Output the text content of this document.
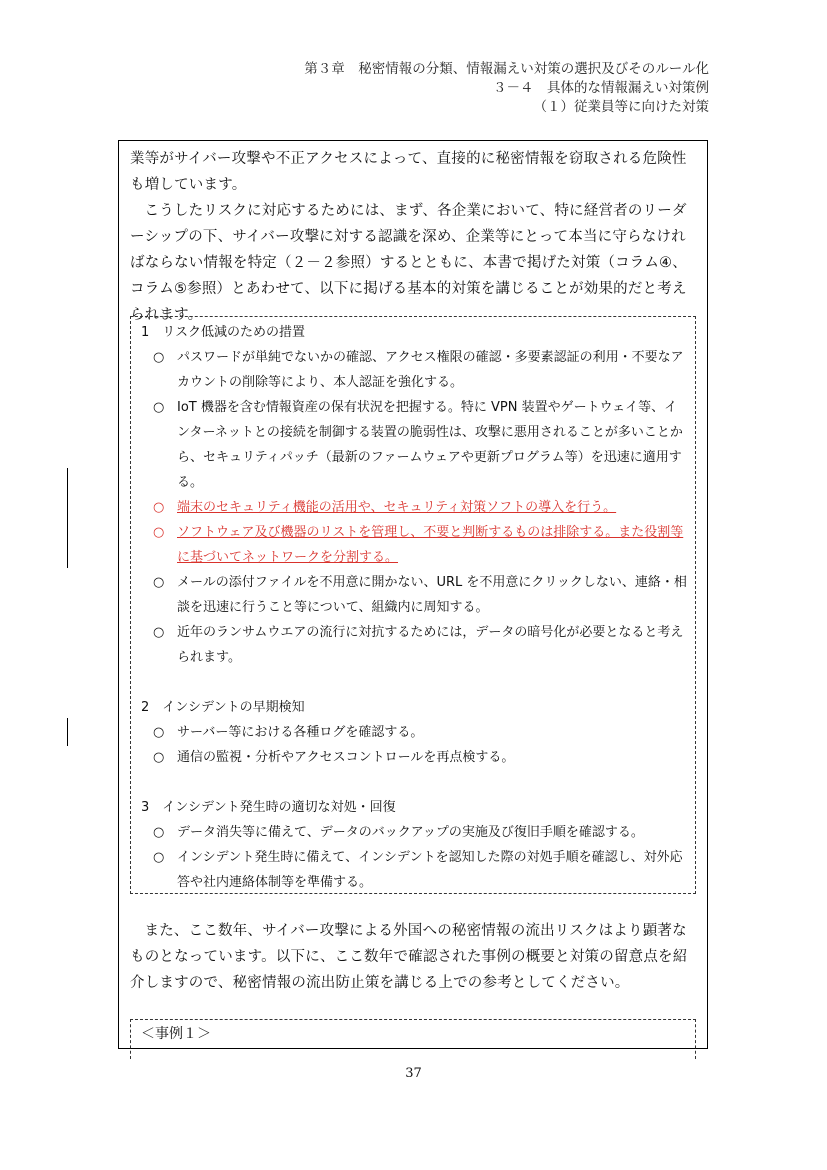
第３章　秘密情報の分類、情報漏えい対策の選択及びそのルール化
３－４　具体的な情報漏えい対策例
（１）従業員等に向けた対策

業等がサイバー攻撃や不正アクセスによって、直接的に秘密情報を窃取される危険性も増しています。

こうしたリスクに対応するためには、まず、各企業において、特に経営者のリーダーシップの下、サイバー攻撃に対する認識を深め、企業等にとって本当に守らなければならない情報を特定（２－２参照）するとともに、本書で掲げた対策（コラム④、コラム⑤参照）とあわせて、以下に掲げる基本的対策を講じることが効果的だと考えられます。

1　リスク低減のための措置

○ パスワードが単純でないかの確認、アクセス権限の確認・多要素認証の利用・不要なアカウントの削除等により、本人認証を強化する。

○ IoT 機器を含む情報資産の保有状況を把握する。特に VPN 装置やゲートウェイ等、インターネットとの接続を制御する装置の脆弱性は、攻撃に悪用されることが多いことから、セキュリティパッチ（最新のファームウェアや更新プログラム等）を迅速に適用する。

○ 端末のセキュリティ機能の活用や、セキュリティ対策ソフトの導入を行う。

○ ソフトウェア及び機器のリストを管理し、不要と判断するものは排除する。また役割等に基づいてネットワークを分割する。

○ メールの添付ファイルを不用意に開かない、URL を不用意にクリックしない、連絡・相談を迅速に行うこと等について、組織内に周知する。

○ 近年のランサムウエアの流行に対抗するためには，データの暗号化が必要となると考えられます。

2　インシデントの早期検知

○ サーバー等における各種ログを確認する。

○ 通信の監視・分析やアクセスコントロールを再点検する。

3　インシデント発生時の適切な対処・回復

○ データ消失等に備えて、データのバックアップの実施及び復旧手順を確認する。

○ インシデント発生時に備えて、インシデントを認知した際の対処手順を確認し、対外応答や社内連絡体制等を準備する。

また、ここ数年、サイバー攻撃による外国への秘密情報の流出リスクはより顕著なものとなっています。以下に、ここ数年で確認された事例の概要と対策の留意点を紹介しますので、秘密情報の流出防止策を講じる上での参考としてください。

＜事例１＞

37
